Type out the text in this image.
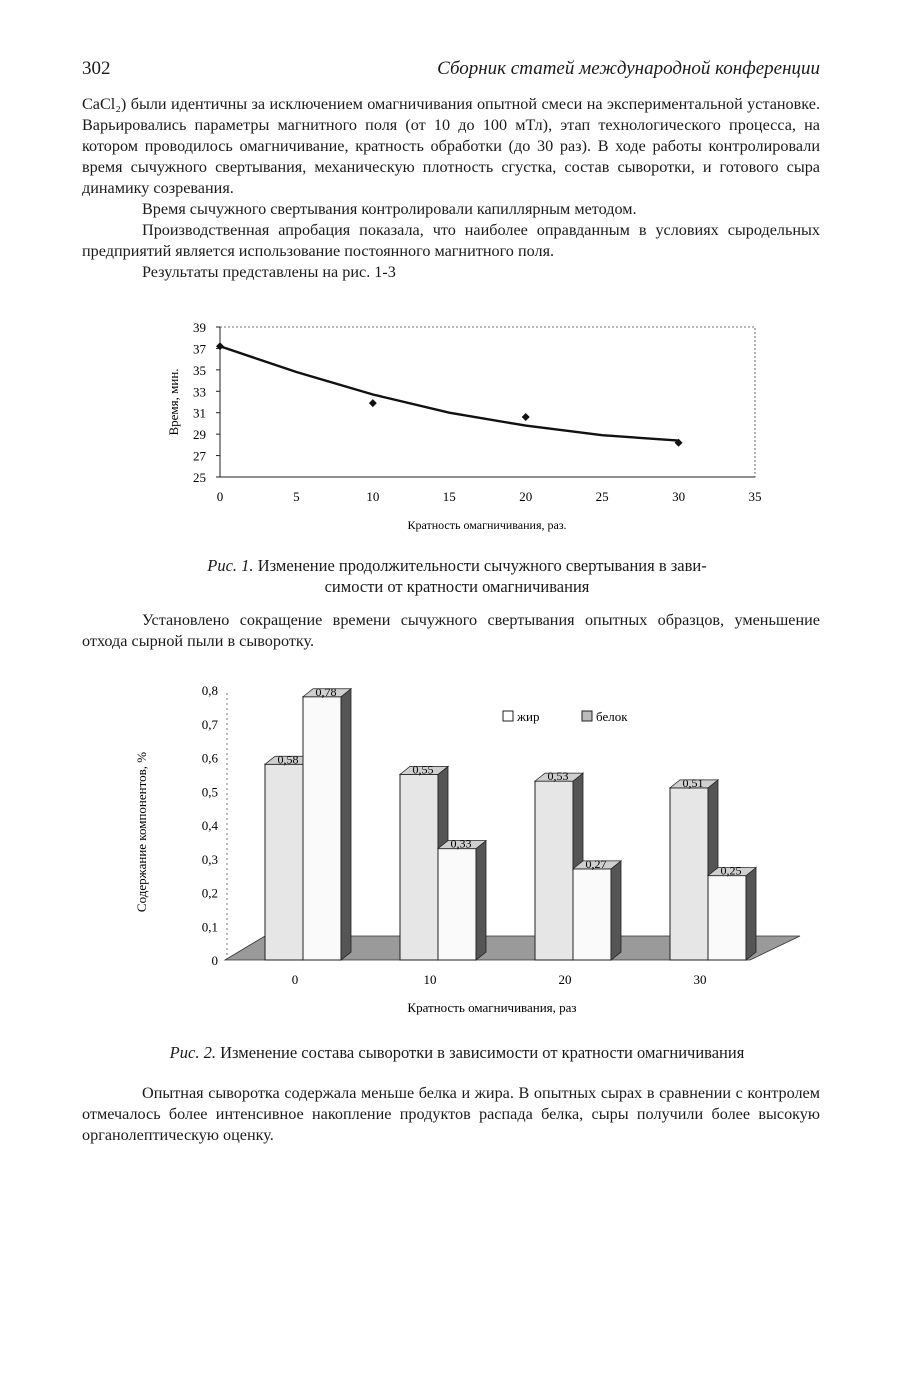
302	Сборник статей международной конференции

CaCl₂) были идентичны за исключением омагничивания опытной смеси на экспериментальной установке. Варьировались параметры магнитного поля (от 10 до 100 мТл), этап технологического процесса, на котором проводилось омагничивание, кратность обработки (до 30 раз). В ходе работы контролировали время сычужного свертывания, механическую плотность сгустка, состав сыворотки, и готового сыра динамику созревания.

Время сычужного свертывания контролировали капиллярным методом.

Производственная апробация показала, что наиболее оправданным в условиях сыродельных предприятий является использование постоянного магнитного поля.

Результаты представлены на рис. 1-3

25
27
29
31
33
35
37
39
0	5	10	15	20	25	30	35
Время, мин.
Кратность омагничивания, раз.
Рис. 1. Изменение продолжительности сычужного свертывания в зави-
симости от кратности омагничивания

Установлено сокращение времени сычужного свертывания опытных образцов, уменьшение отхода сырной пыли в сыворотку.

0
0,1
0,2
0,3
0,4
0,5
0,6
0,7
0,8
0,58
0,78
0,55
0,33
0,53
0,27
0,51
0,25
0	10	20	30
жир	белок
Содержание компонентов, %
Кратность омагничивания, раз
Рис. 2. Изменение состава сыворотки в зависимости от кратности омагничивания

Опытная сыворотка содержала меньше белка и жира. В опытных сырах в сравнении с контролем отмечалось более интенсивное накопление продуктов распада белка, сыры получили более высокую органолептическую оценку.
